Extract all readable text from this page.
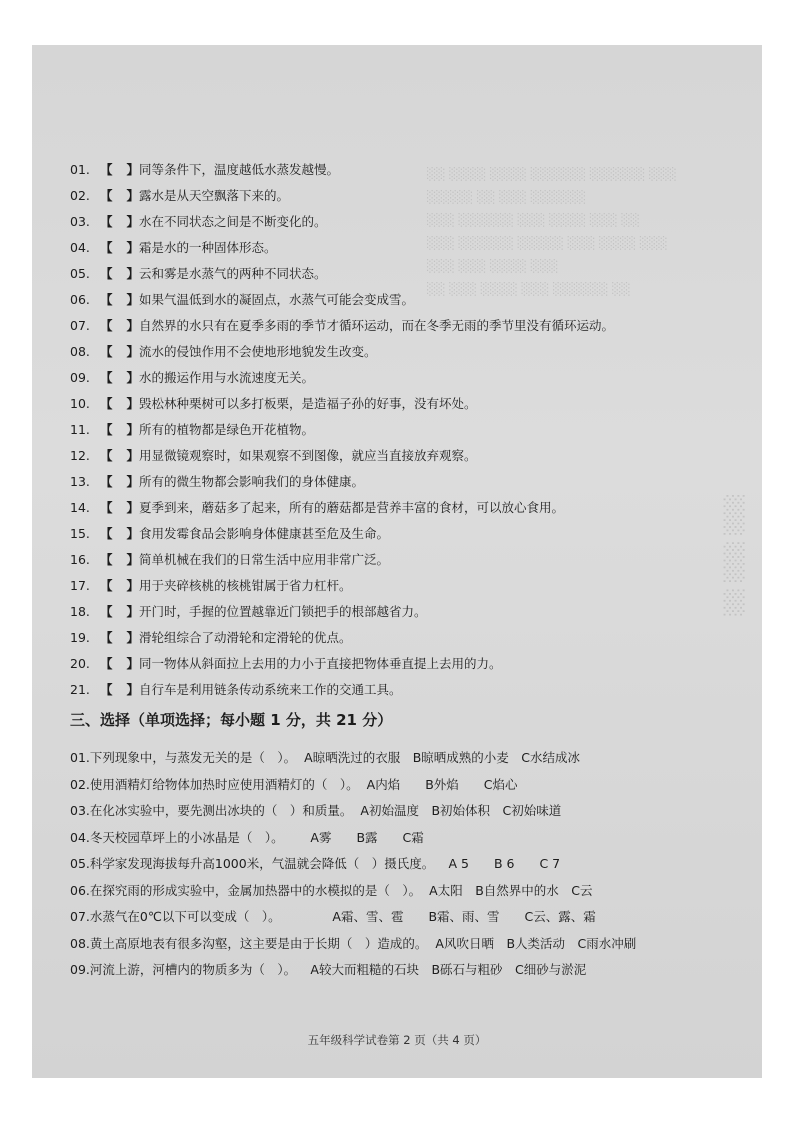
░░ ░░░░ ░░░░ ░░░░░░ ░░░░░░ ░░░
░░░░░ ░░ ░░░ ░░░░░░
░░░ ░░░░░░ ░░░ ░░░░ ░░░ ░░
░░░ ░░░░░░ ░░░░░ ░░░ ░░░░ ░░░
░░░ ░░░ ░░░░ ░░░
░░ ░░░ ░░░░ ░░░ ░░░░░░ ░░
░░░ ░░░ ░░
01. 【 】同等条件下，温度越低水蒸发越慢。
02. 【 】露水是从天空飘落下来的。
03. 【 】水在不同状态之间是不断变化的。
04. 【 】霜是水的一种固体形态。
05. 【 】云和雾是水蒸气的两种不同状态。
06. 【 】如果气温低到水的凝固点，水蒸气可能会变成雪。
07. 【 】自然界的水只有在夏季多雨的季节才循环运动，而在冬季无雨的季节里没有循环运动。
08. 【 】流水的侵蚀作用不会使地形地貌发生改变。
09. 【 】水的搬运作用与水流速度无关。
10. 【 】毁松林种栗树可以多打板栗，是造福子孙的好事，没有坏处。
11. 【 】所有的植物都是绿色开花植物。
12. 【 】用显微镜观察时，如果观察不到图像，就应当直接放弃观察。
13. 【 】所有的微生物都会影响我们的身体健康。
14. 【 】夏季到来，蘑菇多了起来，所有的蘑菇都是营养丰富的食材，可以放心食用。
15. 【 】食用发霉食品会影响身体健康甚至危及生命。
16. 【 】简单机械在我们的日常生活中应用非常广泛。
17. 【 】用于夹碎核桃的核桃钳属于省力杠杆。
18. 【 】开门时，手握的位置越靠近门锁把手的根部越省力。
19. 【 】滑轮组综合了动滑轮和定滑轮的优点。
20. 【 】同一物体从斜面拉上去用的力小于直接把物体垂直提上去用的力。
21. 【 】自行车是利用链条传动系统来工作的交通工具。
三、选择（单项选择；每小题 1 分，共 21 分）
01.下列现象中，与蒸发无关的是（　）。 A晾晒洗过的衣服　B晾晒成熟的小麦　C水结成冰
02.使用酒精灯给物体加热时应使用酒精灯的（　）。 A内焰　　B外焰　　C焰心
03.在化冰实验中，要先测出冰块的（　）和质量。 A初始温度　B初始体积　C初始味道
04.冬天校园草坪上的小冰晶是（　）。　　A雾　　B露　　C霜
05.科学家发现海拔每升高1000米，气温就会降低（　）摄氏度。　A 5　　B 6　　C 7
06.在探究雨的形成实验中，金属加热器中的水模拟的是（　）。 A太阳　B自然界中的水　C云
07.水蒸气在0℃以下可以变成（　）。　　　　A霜、雪、雹　　B霜、雨、雪　　C云、露、霜
08.黄土高原地表有很多沟壑，这主要是由于长期（　）造成的。 A风吹日晒　B人类活动　C雨水冲刷
09.河流上游，河槽内的物质多为（　）。　A较大而粗糙的石块　B砾石与粗砂　C细砂与淤泥
五年级科学试卷第 2 页（共 4 页）
